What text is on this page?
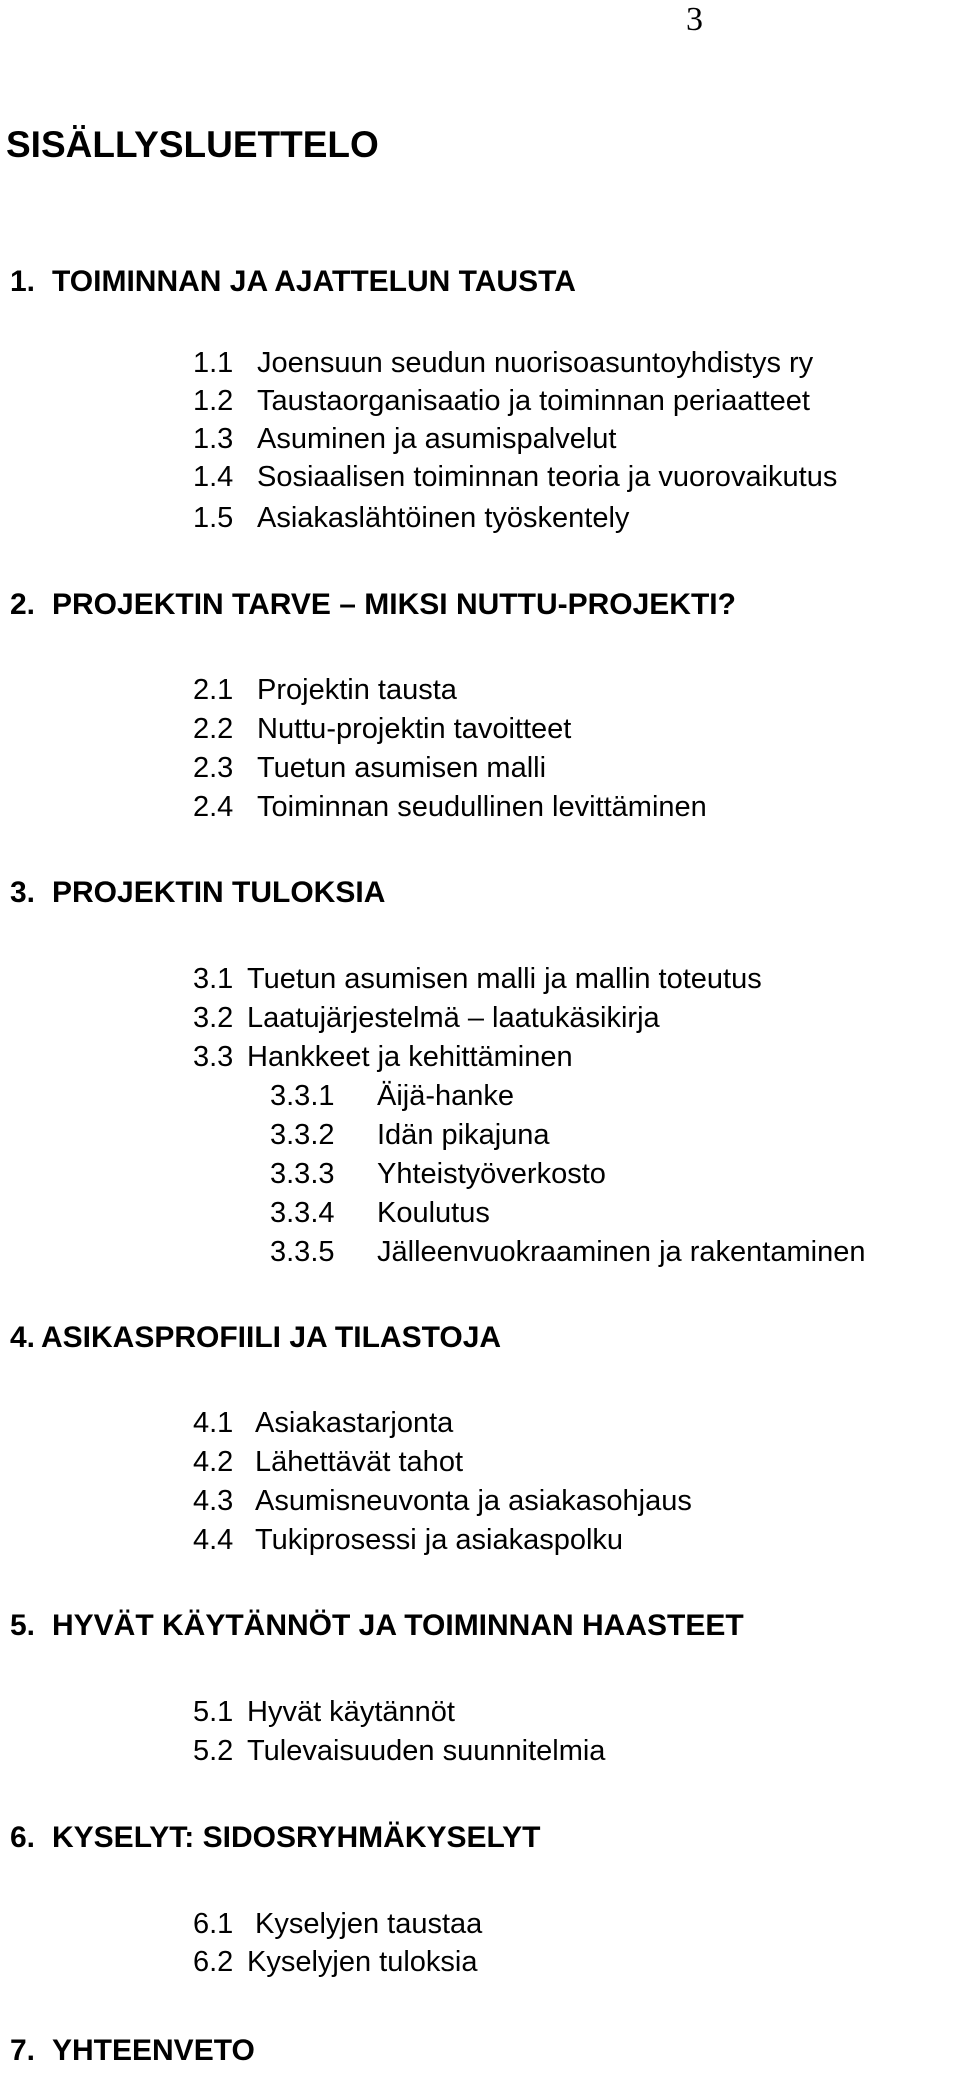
3
SISÄLLYSLUETTELO
1. TOIMINNAN JA AJATTELUN TAUSTA
1.1 Joensuun seudun nuorisoasuntoyhdistys ry
1.2 Taustaorganisaatio ja toiminnan periaatteet
1.3 Asuminen ja asumispalvelut
1.4 Sosiaalisen toiminnan teoria ja vuorovaikutus
1.5 Asiakaslähtöinen työskentely
2. PROJEKTIN TARVE – MIKSI NUTTU-PROJEKTI?
2.1 Projektin tausta
2.2 Nuttu-projektin tavoitteet
2.3 Tuetun asumisen malli
2.4 Toiminnan seudullinen levittäminen
3. PROJEKTIN TULOKSIA
3.1 Tuetun asumisen malli ja mallin toteutus
3.2 Laatujärjestelmä – laatukäsikirja
3.3 Hankkeet ja kehittäminen
3.3.1 Äijä-hanke
3.3.2 Idän pikajuna
3.3.3 Yhteistyöverkosto
3.3.4 Koulutus
3.3.5 Jälleenvuokraaminen ja rakentaminen
4. ASIKASPROFIILI JA TILASTOJA
4.1 Asiakastarjonta
4.2 Lähettävät tahot
4.3 Asumisneuvonta ja asiakasohjaus
4.4 Tukiprosessi ja asiakaspolku
5. HYVÄT KÄYTÄNNÖT JA TOIMINNAN HAASTEET
5.1 Hyvät käytännöt
5.2 Tulevaisuuden suunnitelmia
6. KYSELYT: SIDOSRYHMÄKYSELYT
6.1 Kyselyjen taustaa
6.2 Kyselyjen tuloksia
7. YHTEENVETO
